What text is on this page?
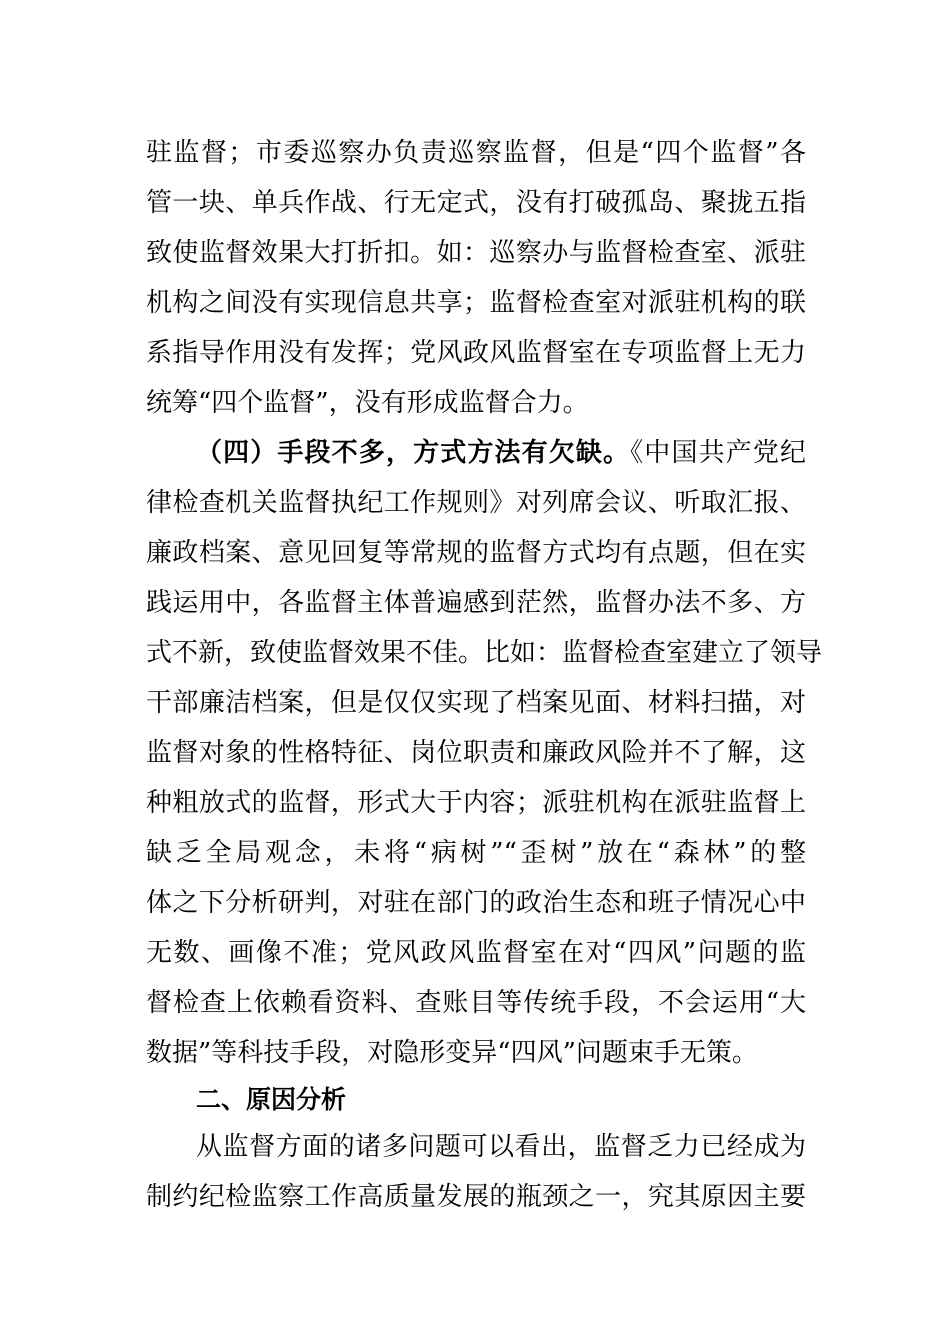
驻监督；市委巡察办负责巡察监督，但是“四个监督”各
管一块、单兵作战、行无定式，没有打破孤岛、聚拢五指
致使监督效果大打折扣。如：巡察办与监督检查室、派驻
机构之间没有实现信息共享；监督检查室对派驻机构的联
系指导作用没有发挥；党风政风监督室在专项监督上无力
统筹“四个监督”，没有形成监督合力。
（四）手段不多，方式方法有欠缺。《中国共产党纪
律检查机关监督执纪工作规则》对列席会议、听取汇报、
廉政档案、意见回复等常规的监督方式均有点题，但在实
践运用中，各监督主体普遍感到茫然，监督办法不多、方
式不新，致使监督效果不佳。比如：监督检查室建立了领导
干部廉洁档案，但是仅仅实现了档案见面、材料扫描，对
监督对象的性格特征、岗位职责和廉政风险并不了解，这
种粗放式的监督，形式大于内容；派驻机构在派驻监督上
缺乏全局观念，未将“病树”“歪树”放在“森林”的整
体之下分析研判，对驻在部门的政治生态和班子情况心中
无数、画像不准；党风政风监督室在对“四风”问题的监
督检查上依赖看资料、查账目等传统手段，不会运用“大
数据”等科技手段，对隐形变异“四风”问题束手无策。
二、原因分析
从监督方面的诸多问题可以看出，监督乏力已经成为
制约纪检监察工作高质量发展的瓶颈之一，究其原因主要
